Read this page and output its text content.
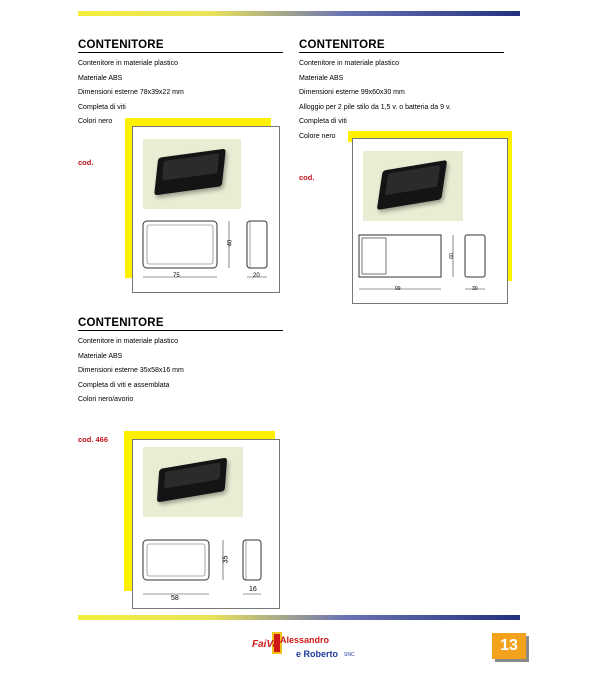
CONTENITORE
Contenitore in materiale plastico
Materiale ABS
Dimensioni esterne 78x39x22 mm
Completa di viti
Colori nero
cod.
75
40
20
CONTENITORE
Contenitore in materiale plastico
Materiale ABS
Dimensioni esterne 99x60x30 mm
Alloggio per 2 pile stilo da 1,5 v. o batteria da 9 v.
Completa di viti
Colore nero
cod.
99
60
30
CONTENITORE
Contenitore in materiale plastico
Materiale ABS
Dimensioni esterne 35x58x16 mm
Completa di viti e assemblata
Colori nero/avorio
cod. 466
58
35
16
FaiVa Alessandro
e Roberto SNC
13
